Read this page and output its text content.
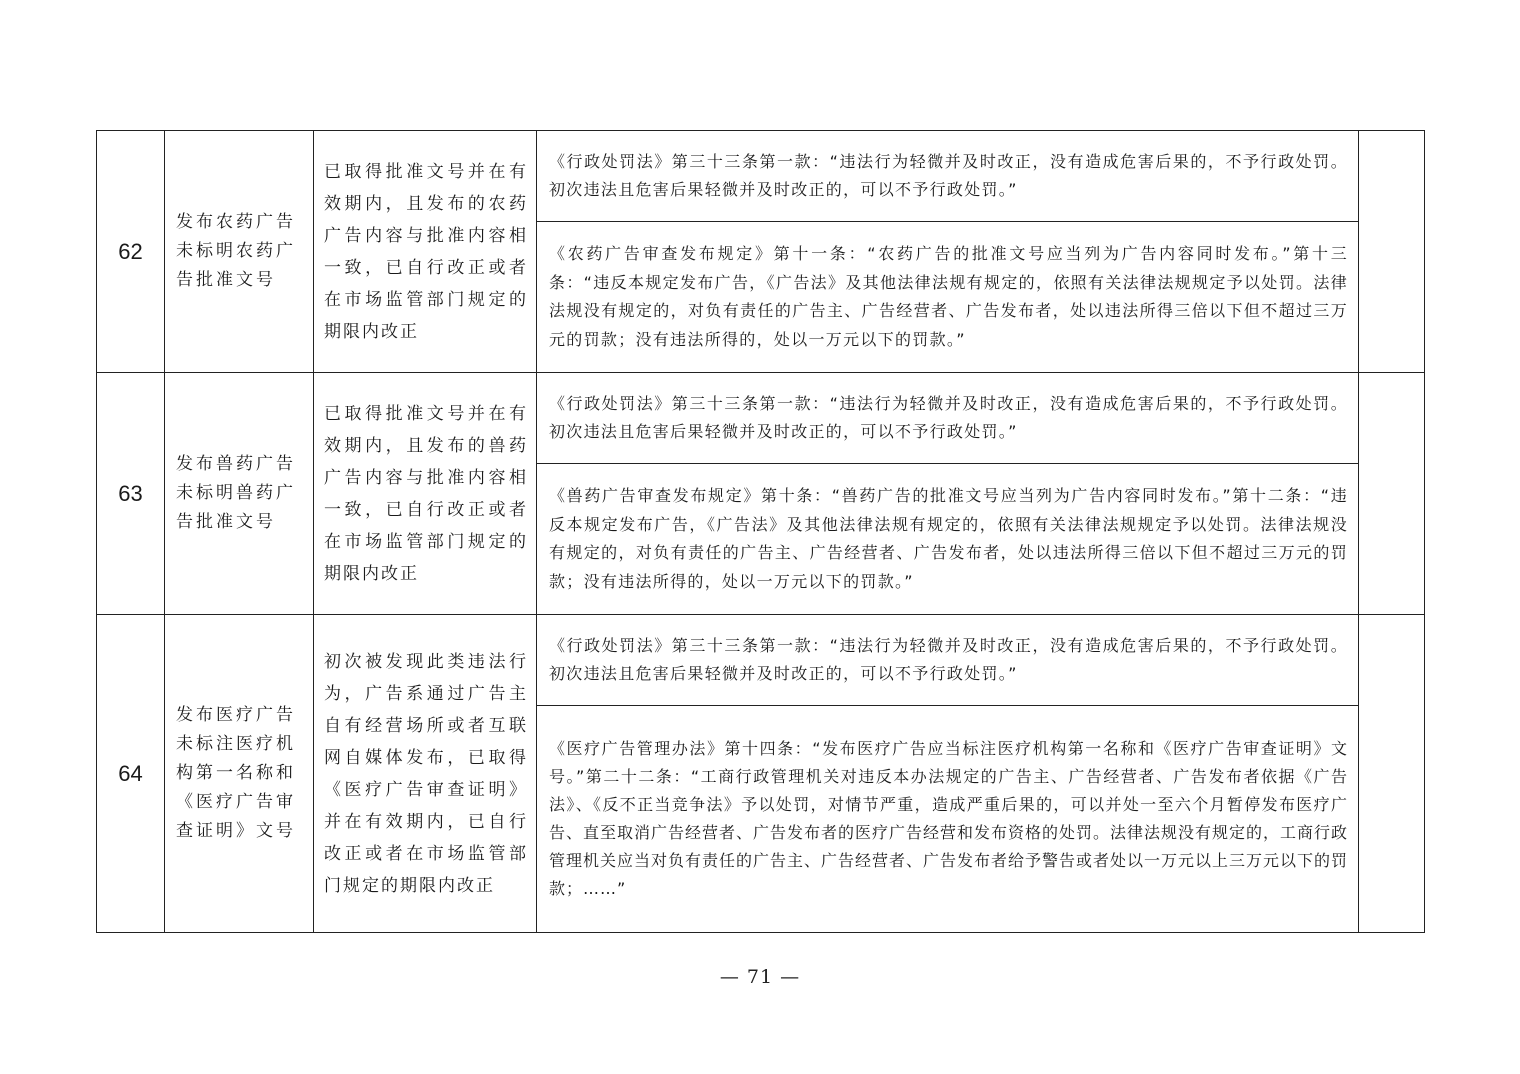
62	发布农药广告未标明农药广告批准文号	已取得批准文号并在有效期内，且发布的农药广告内容与批准内容相一致，已自行改正或者在市场监管部门规定的期限内改正	《行政处罚法》第三十三条第一款：“违法行为轻微并及时改正，没有造成危害后果的，不予行政处罚。初次违法且危害后果轻微并及时改正的，可以不予行政处罚。”	
			《农药广告审查发布规定》第十一条：“农药广告的批准文号应当列为广告内容同时发布。”第十三条：“违反本规定发布广告，《广告法》及其他法律法规有规定的，依照有关法律法规规定予以处罚。法律法规没有规定的，对负有责任的广告主、广告经营者、广告发布者，处以违法所得三倍以下但不超过三万元的罚款；没有违法所得的，处以一万元以下的罚款。”	
63	发布兽药广告未标明兽药广告批准文号	已取得批准文号并在有效期内，且发布的兽药广告内容与批准内容相一致，已自行改正或者在市场监管部门规定的期限内改正	《行政处罚法》第三十三条第一款：“违法行为轻微并及时改正，没有造成危害后果的，不予行政处罚。初次违法且危害后果轻微并及时改正的，可以不予行政处罚。”	
			《兽药广告审查发布规定》第十条：“兽药广告的批准文号应当列为广告内容同时发布。”第十二条：“违反本规定发布广告，《广告法》及其他法律法规有规定的，依照有关法律法规规定予以处罚。法律法规没有规定的，对负有责任的广告主、广告经营者、广告发布者，处以违法所得三倍以下但不超过三万元的罚款；没有违法所得的，处以一万元以下的罚款。”	
64	发布医疗广告未标注医疗机构第一名称和《医疗广告审查证明》文号	初次被发现此类违法行为，广告系通过广告主自有经营场所或者互联网自媒体发布，已取得《医疗广告审查证明》并在有效期内，已自行改正或者在市场监管部门规定的期限内改正	《行政处罚法》第三十三条第一款：“违法行为轻微并及时改正，没有造成危害后果的，不予行政处罚。初次违法且危害后果轻微并及时改正的，可以不予行政处罚。”	
			《医疗广告管理办法》第十四条：“发布医疗广告应当标注医疗机构第一名称和《医疗广告审查证明》文号。”第二十二条：“工商行政管理机关对违反本办法规定的广告主、广告经营者、广告发布者依据《广告法》、《反不正当竞争法》予以处罚，对情节严重，造成严重后果的，可以并处一至六个月暂停发布医疗广告、直至取消广告经营者、广告发布者的医疗广告经营和发布资格的处罚。法律法规没有规定的，工商行政管理机关应当对负有责任的广告主、广告经营者、广告发布者给予警告或者处以一万元以上三万元以下的罚款；……”	
— 71 —
